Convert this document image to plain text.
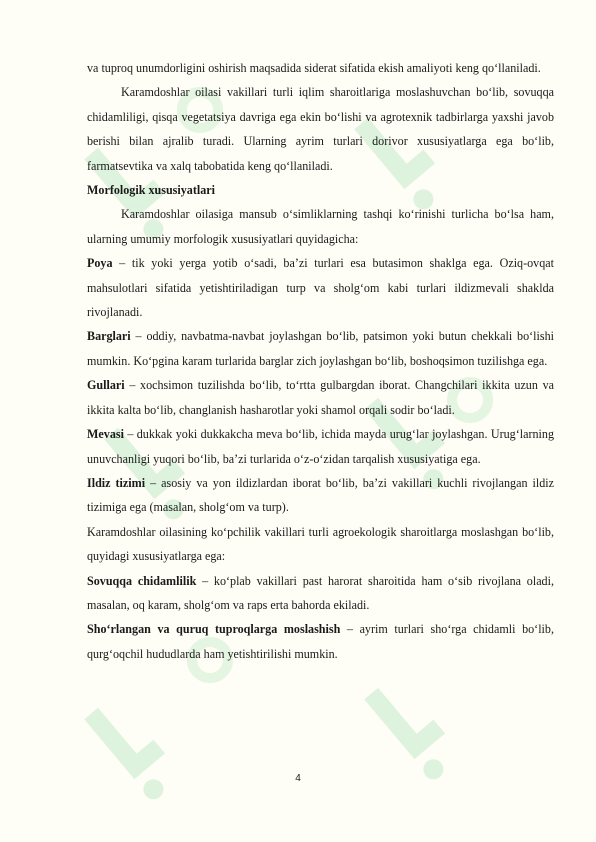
va tuproq unumdorligini oshirish maqsadida siderat sifatida ekish amaliyoti keng qo‘llaniladi.

Karamdoshlar oilasi vakillari turli iqlim sharoitlariga moslashuvchan bo‘lib, sovuqqa chidamliligi, qisqa vegetatsiya davriga ega ekin bo‘lishi va agrotexnik tadbirlarga yaxshi javob berishi bilan ajralib turadi. Ularning ayrim turlari dorivor xususiyatlarga ega bo‘lib, farmatsevtika va xalq tabobatida keng qo‘llaniladi.

Morfologik xususiyatlari

Karamdoshlar oilasiga mansub o‘simliklarning tashqi ko‘rinishi turlicha bo‘lsa ham, ularning umumiy morfologik xususiyatlari quyidagicha:

Poya – tik yoki yerga yotib o‘sadi, ba’zi turlari esa butasimon shaklga ega. Oziq-ovqat mahsulotlari sifatida yetishtiriladigan turp va sholg‘om kabi turlari ildizmevali shaklda rivojlanadi.

Barglari – oddiy, navbatma-navbat joylashgan bo‘lib, patsimon yoki butun chekkali bo‘lishi mumkin. Ko‘pgina karam turlarida barglar zich joylashgan bo‘lib, boshoqsimon tuzilishga ega.

Gullari – xochsimon tuzilishda bo‘lib, to‘rtta gulbargdan iborat. Changchilari ikkita uzun va ikkita kalta bo‘lib, changlanish hasharotlar yoki shamol orqali sodir bo‘ladi.

Mevasi – dukkak yoki dukkakcha meva bo‘lib, ichida mayda urug‘lar joylashgan. Urug‘larning unuvchanligi yuqori bo‘lib, ba’zi turlarida o‘z-o‘zidan tarqalish xususiyatiga ega.

Ildiz tizimi – asosiy va yon ildizlardan iborat bo‘lib, ba’zi vakillari kuchli rivojlangan ildiz tizimiga ega (masalan, sholg‘om va turp).

Karamdoshlar oilasining ko‘pchilik vakillari turli agroekologik sharoitlarga moslashgan bo‘lib, quyidagi xususiyatlarga ega:

Sovuqqa chidamlilik – ko‘plab vakillari past harorat sharoitida ham o‘sib rivojlana oladi, masalan, oq karam, sholg‘om va raps erta bahorda ekiladi.

Sho‘rlangan va quruq tuproqlarga moslashish – ayrim turlari sho‘rga chidamli bo‘lib, qurg‘oqchil hududlarda ham yetishtirilishi mumkin.

4
